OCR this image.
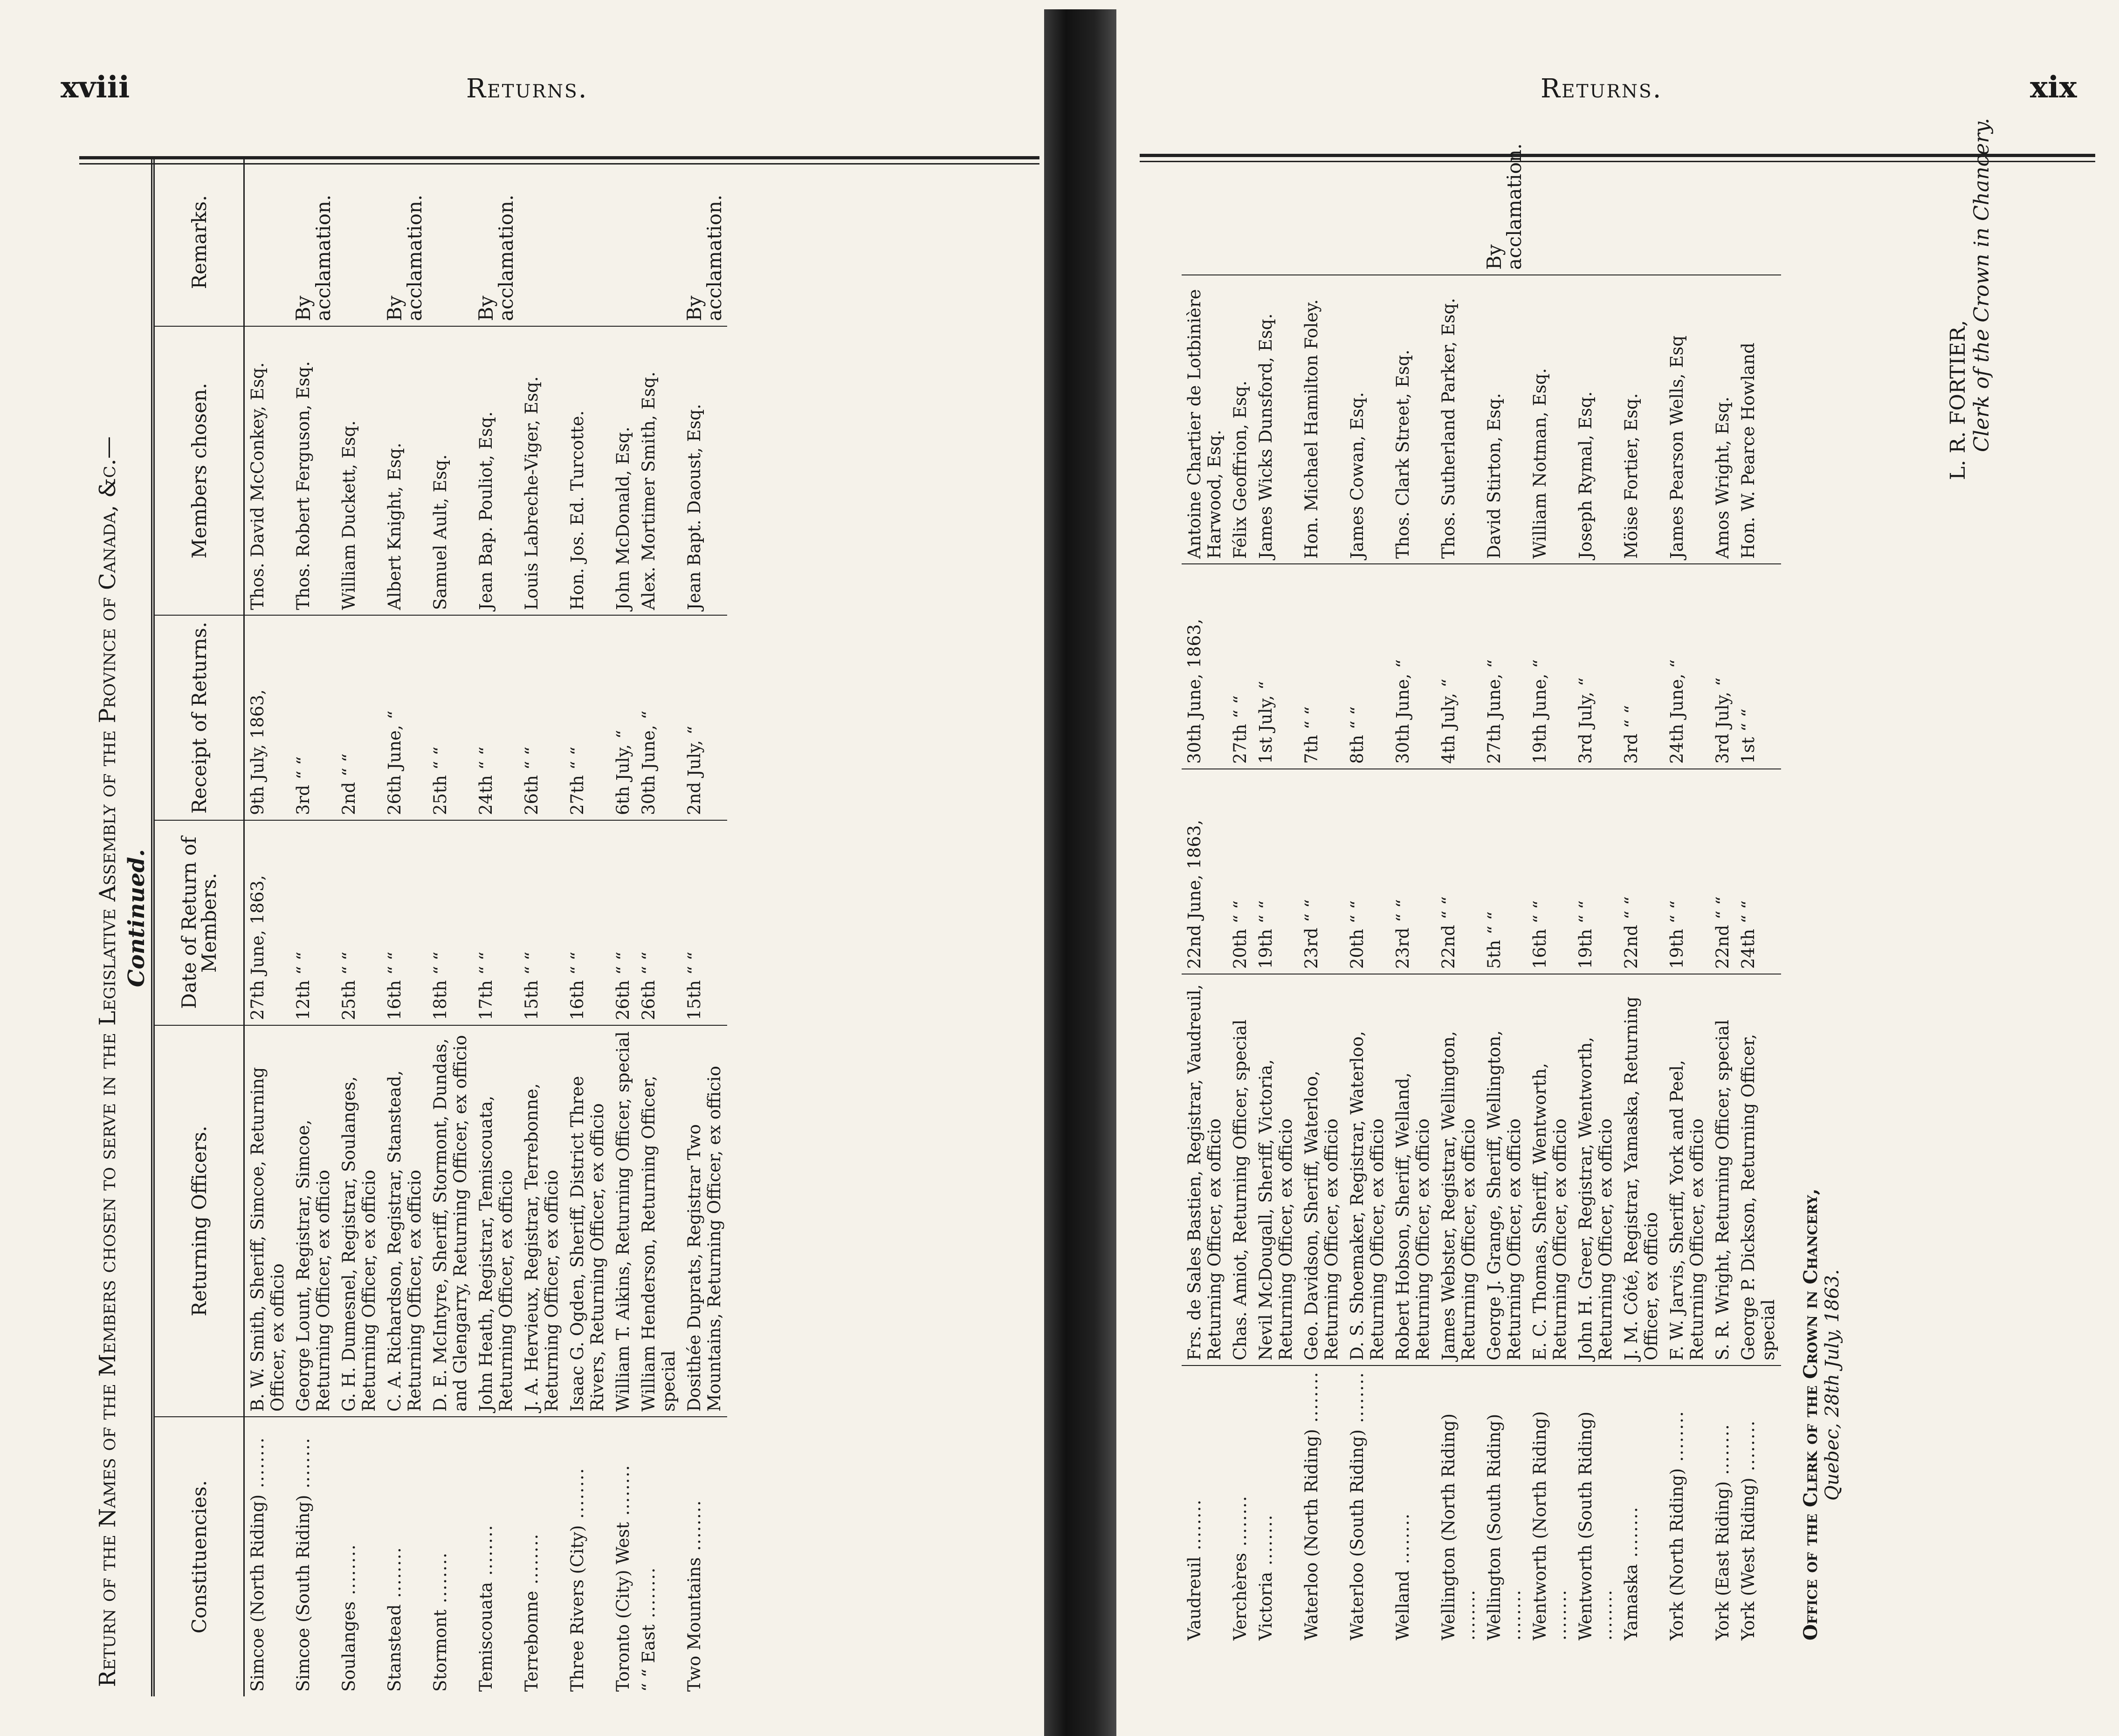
xviii	Returns.
Return of the Names of the Members chosen to serve in the Legislative Assembly of the Province of Canada, &c.— Continued.
Constituencies.	Returning Officers.	Date of Return of Members.	Receipt of Returns.	Members chosen.	Remarks.
Simcoe (North Riding) .....	B. W. Smith, Sheriff, Simcoe, Returning Officer, ex officio	27th June, 1863,	9th July, 1863,	Thos. David McConkey, Esq.	
Simcoe (South Riding) .....	George Lount, Registrar, Simcoe, Returning Officer, ex officio	12th “ “	3rd “ “	Thos. Robert Ferguson, Esq.	By acclamation.
Soulanges .....	G. H. Dumesnel, Registrar, Soulanges, Returning Officer, ex officio	25th “ “	2nd “ “	William Duckett, Esq.	
Stanstead .....	C. A. Richardson, Registrar, Stanstead, Returning Officer, ex officio	16th “ “	26th June, “	Albert Knight, Esq.	By acclamation.
Stormont .....	D. E. McIntyre, Sheriff, Stormont, Dundas, and Glengarry, Returning Officer, ex officio	18th “ “	25th “ “	Samuel Ault, Esq.	
Temiscouata .....	John Heath, Registrar, Temiscouata, Returning Officer, ex officio	17th “ “	24th “ “	Jean Bap. Pouliot, Esq.	By acclamation.
Terrebonne .....	J. A. Hervieux, Registrar, Terrebonne, Returning Officer, ex officio	15th “ “	26th “ “	Louis Labreche-Viger, Esq.	
Three Rivers (City) .....	Isaac G. Ogden, Sheriff, District Three Rivers, Returning Officer, ex officio	16th “ “	27th “ “	Hon. Jos. Ed. Turcotte.	
Toronto (City) West .....	William T. Aikins, Returning Officer, special	26th “ “	6th July, “	John McDonald, Esq.	
“ “ East .....	William Henderson, Returning Officer, special	26th “ “	30th June, “	Alex. Mortimer Smith, Esq.	
Two Mountains .....	Dosithée Duprats, Registrar Two Mountains, Returning Officer, ex officio	15th “ “	2nd July, “	Jean Bapt. Daoust, Esq.	By acclamation.
Returns.	xix
Vaudreuil .....	Frs. de Sales Bastien, Registrar, Vaudreuil, Returning Officer, ex officio	22nd June, 1863,	30th June, 1863,	Antoine Chartier de Lotbinière Harwood, Esq.	
Verchères .....	Chas. Amiot, Returning Officer, special	20th “ “	27th “ “	Félix Geoffrion, Esq.	
Victoria .....	Nevil McDougall, Sheriff, Victoria, Returning Officer, ex officio	19th “ “	1st July, “	James Wicks Dunsford, Esq.	
Waterloo (North Riding) .....	Geo. Davidson, Sheriff, Waterloo, Returning Officer, ex officio	23rd “ “	7th “ “	Hon. Michael Hamilton Foley.	
Waterloo (South Riding) .....	D. S. Shoemaker, Registrar, Waterloo, Returning Officer, ex officio	20th “ “	8th “ “	James Cowan, Esq.	
Welland .....	Robert Hobson, Sheriff, Welland, Returning Officer, ex officio	23rd “ “	30th June, “	Thos. Clark Street, Esq.	
Wellington (North Riding) .....	James Webster, Registrar, Wellington, Returning Officer, ex officio	22nd “ “	4th July, “	Thos. Sutherland Parker, Esq.	
Wellington (South Riding) .....	George J. Grange, Sheriff, Wellington, Returning Officer, ex officio	5th “ “	27th June, “	David Stirton, Esq.	By acclamation.
Wentworth (North Riding) .....	E. C. Thomas, Sheriff, Wentworth, Returning Officer, ex officio	16th “ “	19th June, “	William Notman, Esq.	
Wentworth (South Riding) .....	John H. Greer, Registrar, Wentworth, Returning Officer, ex officio	19th “ “	3rd July, “	Joseph Rymal, Esq.	
Yamaska .....	J. M. Côté, Registrar, Yamaska, Returning Officer, ex officio	22nd “ “	3rd “ “	Möise Fortier, Esq.	
York (North Riding) .....	F. W. Jarvis, Sheriff, York and Peel, Returning Officer, ex officio	19th “ “	24th June, “	James Pearson Wells, Esq	
York (East Riding) .....	S. R. Wright, Returning Officer, special	22nd “ “	3rd July, “	Amos Wright, Esq.	
York (West Riding) .....	George P. Dickson, Returning Officer, special	24th “ “	1st “ “	Hon. W. Pearce Howland	
Office of the Clerk of the Crown in Chancery,
Quebec, 28th July, 1863.
L. R. FORTIER, Clerk of the Crown in Chancery.
